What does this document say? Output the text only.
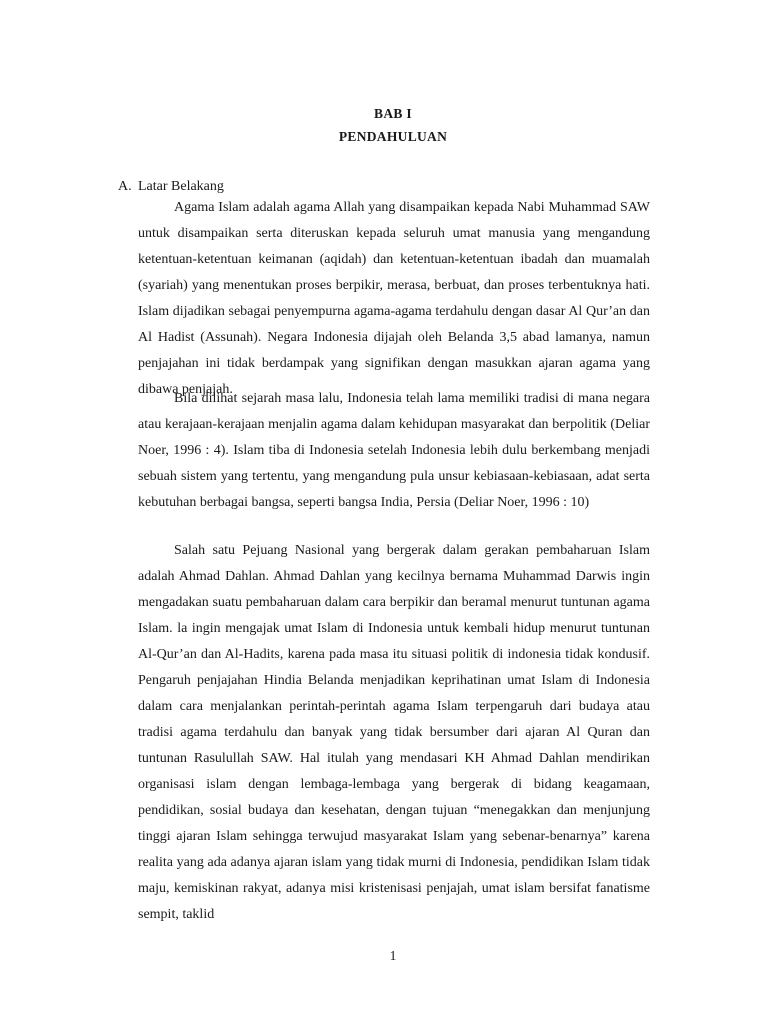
BAB I
PENDAHULUAN
A. Latar Belakang

Agama Islam adalah agama Allah yang disampaikan kepada Nabi Muhammad SAW untuk disampaikan serta diteruskan kepada seluruh umat manusia yang mengandung ketentuan-ketentuan keimanan (aqidah) dan ketentuan-ketentuan ibadah dan muamalah (syariah) yang menentukan proses berpikir, merasa, berbuat, dan proses terbentuknya hati. Islam dijadikan sebagai penyempurna agama-agama terdahulu dengan dasar Al Qur’an dan Al Hadist (Assunah). Negara Indonesia dijajah oleh Belanda 3,5 abad lamanya, namun penjajahan ini tidak berdampak yang signifikan dengan masukkan ajaran agama yang dibawa penjajah.

Bila dilihat sejarah masa lalu, Indonesia telah lama memiliki tradisi di mana negara atau kerajaan-kerajaan menjalin agama dalam kehidupan masyarakat dan berpolitik (Deliar Noer, 1996 : 4). Islam tiba di Indonesia setelah Indonesia lebih dulu berkembang menjadi sebuah sistem yang tertentu, yang mengandung pula unsur kebiasaan-kebiasaan, adat serta kebutuhan berbagai bangsa, seperti bangsa India, Persia (Deliar Noer, 1996 : 10)

Salah satu Pejuang Nasional yang bergerak dalam gerakan pembaharuan Islam adalah Ahmad Dahlan. Ahmad Dahlan yang kecilnya bernama Muhammad Darwis ingin mengadakan suatu pembaharuan dalam cara berpikir dan beramal menurut tuntunan agama Islam. la ingin mengajak umat Islam di Indonesia untuk kembali hidup menurut tuntunan Al-Qur’an dan Al-Hadits, karena pada masa itu situasi politik di indonesia tidak kondusif. Pengaruh penjajahan Hindia Belanda menjadikan keprihatinan umat Islam di Indonesia dalam cara menjalankan perintah-perintah agama Islam terpengaruh dari budaya atau tradisi agama terdahulu dan banyak yang tidak bersumber dari ajaran Al Quran dan tuntunan Rasulullah SAW. Hal itulah yang mendasari KH Ahmad Dahlan mendirikan organisasi islam dengan lembaga-lembaga yang bergerak di bidang keagamaan, pendidikan, sosial budaya dan kesehatan, dengan tujuan “menegakkan dan menjunjung tinggi ajaran Islam sehingga terwujud masyarakat Islam yang sebenar-benarnya” karena realita yang ada adanya ajaran islam yang tidak murni di Indonesia, pendidikan Islam tidak maju, kemiskinan rakyat, adanya misi kristenisasi penjajah, umat islam bersifat fanatisme sempit, taklid

1
